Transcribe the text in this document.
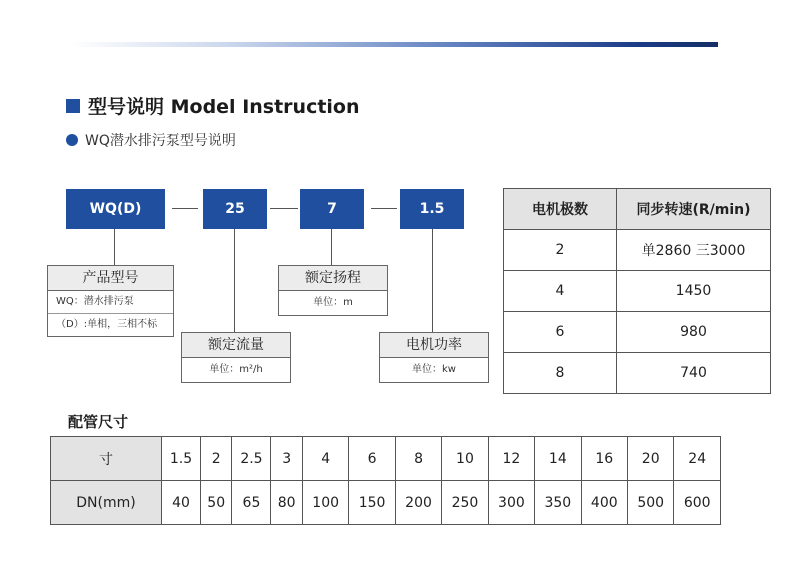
型号说明 Model Instruction
WQ潜水排污泵型号说明
WQ(D)	25	7	1.5
产品型号
WQ：潜水排污泵
（D）:单相，三相不标
额定流量
单位：m²/h
额定扬程
单位：m
电机功率
单位：kw
电机极数	同步转速(R/min)
2	单2860 三3000
4	1450
6	980
8	740
配管尺寸
寸	1.5	2	2.5	3	4	6	8	10	12	14	16	20	24
DN(mm)	40	50	65	80	100	150	200	250	300	350	400	500	600
